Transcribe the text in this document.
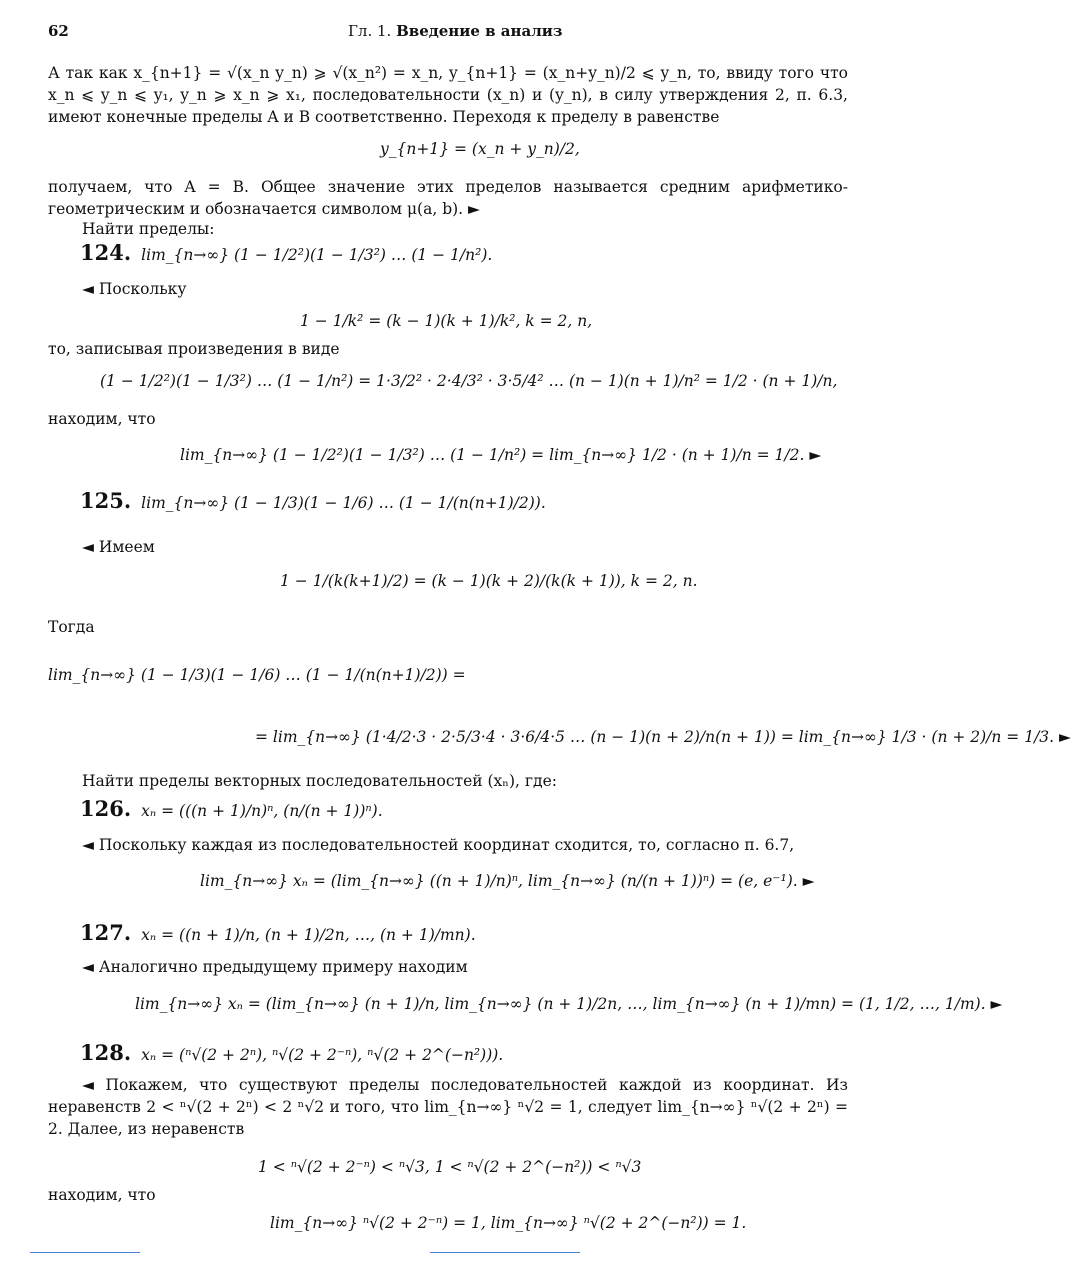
62	Гл. 1. Введение в анализ
А так как x_{n+1} = √(x_n y_n) ⩾ √(x_n²) = x_n, y_{n+1} = (x_n+y_n)/2 ⩽ y_n, то, ввиду того что x_n ⩽ y_n ⩽ y₁, y_n ⩾ x_n ⩾ x₁, последовательности (x_n) и (y_n), в силу утверждения 2, п. 6.3, имеют конечные пределы A и B соответственно. Переходя к пределу в равенстве
y_{n+1} = (x_n + y_n)/2,
получаем, что A = B. Общее значение этих пределов называется средним арифметико-геометрическим и обозначается символом μ(a, b). ►
Найти пределы:
124. lim_{n→∞} (1 − 1/2²)(1 − 1/3²) … (1 − 1/n²).
◄ Поскольку
1 − 1/k² = (k − 1)(k + 1)/k², k = 2, n,
то, записывая произведения в виде
(1 − 1/2²)(1 − 1/3²) … (1 − 1/n²) = 1·3/2² · 2·4/3² · 3·5/4² … (n − 1)(n + 1)/n² = 1/2 · (n + 1)/n,
находим, что
lim_{n→∞} (1 − 1/2²)(1 − 1/3²) … (1 − 1/n²) = lim_{n→∞} 1/2 · (n + 1)/n = 1/2. ►
125. lim_{n→∞} (1 − 1/3)(1 − 1/6) … (1 − 1/(n(n+1)/2)).
◄ Имеем
1 − 1/(k(k+1)/2) = (k − 1)(k + 2)/(k(k + 1)), k = 2, n.
Тогда
lim_{n→∞} (1 − 1/3)(1 − 1/6) … (1 − 1/(n(n+1)/2)) =
= lim_{n→∞} (1·4/2·3 · 2·5/3·4 · 3·6/4·5 … (n − 1)(n + 2)/n(n + 1)) = lim_{n→∞} 1/3 · (n + 2)/n = 1/3. ►
Найти пределы векторных последовательностей (xₙ), где:
126. xₙ = (((n + 1)/n)ⁿ, (n/(n + 1))ⁿ).
◄ Поскольку каждая из последовательностей координат сходится, то, согласно п. 6.7,
lim_{n→∞} xₙ = (lim_{n→∞} ((n + 1)/n)ⁿ, lim_{n→∞} (n/(n + 1))ⁿ) = (e, e⁻¹). ►
127. xₙ = ((n + 1)/n, (n + 1)/2n, …, (n + 1)/mn).
◄ Аналогично предыдущему примеру находим
lim_{n→∞} xₙ = (lim_{n→∞} (n + 1)/n, lim_{n→∞} (n + 1)/2n, …, lim_{n→∞} (n + 1)/mn) = (1, 1/2, …, 1/m). ►
128. xₙ = (ⁿ√(2 + 2ⁿ), ⁿ√(2 + 2⁻ⁿ), ⁿ√(2 + 2^(−n²))).
◄ Покажем, что существуют пределы последовательностей каждой из координат. Из неравенств 2 < ⁿ√(2 + 2ⁿ) < 2 ⁿ√2 и того, что lim_{n→∞} ⁿ√2 = 1, следует lim_{n→∞} ⁿ√(2 + 2ⁿ) = 2. Далее, из неравенств
1 < ⁿ√(2 + 2⁻ⁿ) < ⁿ√3, 1 < ⁿ√(2 + 2^(−n²)) < ⁿ√3
находим, что
lim_{n→∞} ⁿ√(2 + 2⁻ⁿ) = 1, lim_{n→∞} ⁿ√(2 + 2^(−n²)) = 1.
